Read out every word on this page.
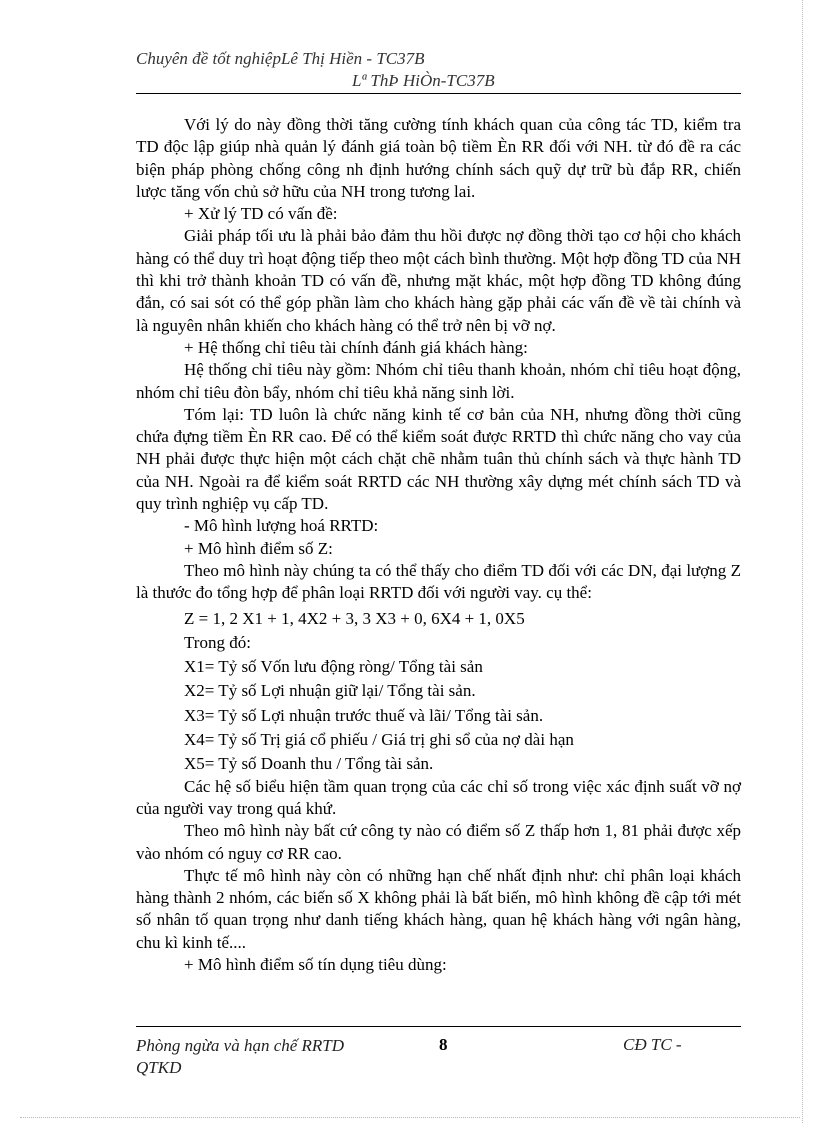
Chuyên đề tốt nghiệpLê Thị Hiền - TC37B
Lª ThÞ HiÒn-TC37B

Với lý do này đồng thời tăng cường tính khách quan của công tác TD, kiểm tra TD độc lập giúp nhà quản lý đánh giá toàn bộ tiềm Èn RR đối với NH. từ đó đề ra các biện pháp phòng chống công nh định hướng chính sách quỹ dự trữ bù đắp RR, chiến lược tăng vốn chủ sở hữu của NH trong tương lai.

+ Xử lý TD có vấn đề:

Giải pháp tối ưu là phải bảo đảm thu hồi được nợ đồng thời tạo cơ hội cho khách hàng có thể duy trì hoạt động tiếp theo một cách bình thường. Một hợp đồng TD của NH thì khi trở thành khoản TD có vấn đề, nhưng mặt khác, một hợp đồng TD không đúng đắn, có sai sót có thể góp phần làm cho khách hàng gặp phải các vấn đề về tài chính và là nguyên nhân khiến cho khách hàng có thể trở nên bị vỡ nợ.

+ Hệ thống chỉ tiêu tài chính đánh giá khách hàng:

Hệ thống chỉ tiêu này gồm: Nhóm chỉ tiêu thanh khoản, nhóm chỉ tiêu hoạt động, nhóm chỉ tiêu đòn bẩy, nhóm chỉ tiêu khả năng sinh lời.

Tóm lại: TD luôn là chức năng kinh tế cơ bản của NH, nhưng đồng thời cũng chứa đựng tiềm Èn RR cao. Để có thể kiểm soát được RRTD thì chức năng cho vay của NH phải được thực hiện một cách chặt chẽ nhằm tuân thủ chính sách và thực hành TD của NH. Ngoài ra để kiểm soát RRTD các NH thường xây dựng mét chính sách TD và quy trình nghiệp vụ cấp TD.

- Mô hình lượng hoá RRTD:

+ Mô hình điểm số Z:

Theo mô hình này chúng ta có thể thấy cho điểm TD đối với các DN, đại lượng Z là thước đo tổng hợp để phân loại RRTD đối với người vay. cụ thể:

Z = 1, 2 X1 + 1, 4X2 + 3, 3 X3 + 0, 6X4 + 1, 0X5

Trong đó:

X1= Tỷ số Vốn lưu động ròng/ Tổng tài sản

X2= Tỷ số Lợi nhuận giữ lại/ Tổng tài sản.

X3= Tỷ số Lợi nhuận trước thuế và lãi/ Tổng tài sản.

X4= Tỷ số Trị giá cổ phiếu / Giá trị ghi sổ của nợ dài hạn

X5= Tỷ số Doanh thu / Tổng tài sản.

Các hệ số biểu hiện tầm quan trọng của các chỉ số trong việc xác định suất vỡ nợ của người vay trong quá khứ.

Theo mô hình này bất cứ công ty nào có điểm số Z thấp hơn 1, 81 phải được xếp vào nhóm có nguy cơ RR cao.

Thực tế mô hình này còn có những hạn chế nhất định như: chỉ phân loại khách hàng thành 2 nhóm, các biến số X không phải là bất biến, mô hình không đề cập tới mét số nhân tố quan trọng như danh tiếng khách hàng, quan hệ khách hàng với ngân hàng, chu kì kinh tế....

+ Mô hình điểm số tín dụng tiêu dùng:

Phòng ngừa và hạn chế RRTD
QTKD
8	CĐ TC -
